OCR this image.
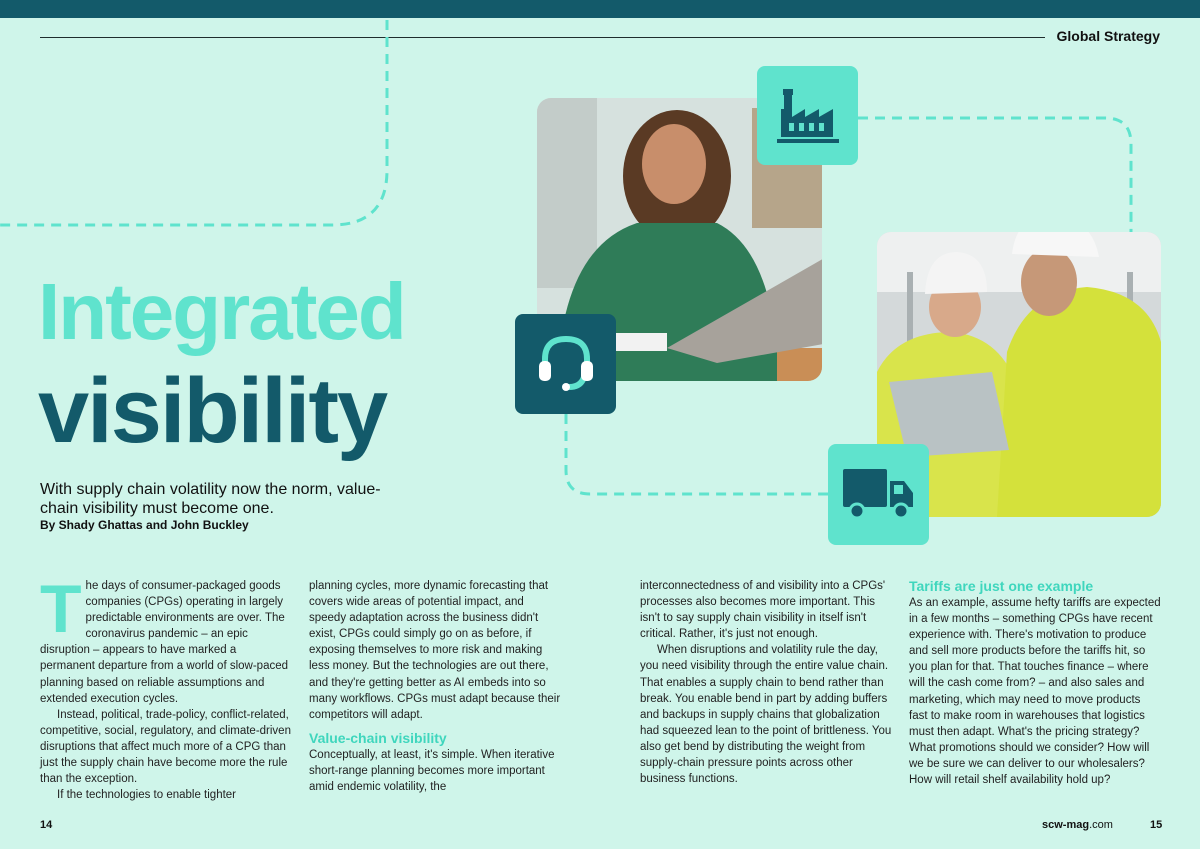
Global Strategy
Integrated
visibility
With supply chain volatility now the norm, value-chain visibility must become one.
By Shady Ghattas and John Buckley
T he days of consumer-packaged goods companies (CPGs) operating in largely predictable environments are over. The coronavirus pandemic – an epic disruption – appears to have marked a permanent departure from a world of slow-paced planning based on reliable assumptions and extended execution cycles.

Instead, political, trade-policy, conflict-related, competitive, social, regulatory, and climate-driven disruptions that affect much more of a CPG than just the supply chain have become more the rule than the exception.

If the technologies to enable tighter

planning cycles, more dynamic forecasting that covers wide areas of potential impact, and speedy adaptation across the business didn't exist, CPGs could simply go on as before, if exposing themselves to more risk and making less money. But the technologies are out there, and they're getting better as AI embeds into so many workflows. CPGs must adapt because their competitors will adapt.

Value-chain visibility

Conceptually, at least, it's simple. When iterative short-range planning becomes more important amid endemic volatility, the

interconnectedness of and visibility into a CPGs' processes also becomes more important. This isn't to say supply chain visibility in itself isn't critical. Rather, it's just not enough.

When disruptions and volatility rule the day, you need visibility through the entire value chain. That enables a supply chain to bend rather than break. You enable bend in part by adding buffers and backups in supply chains that globalization had squeezed lean to the point of brittleness. You also get bend by distributing the weight from supply-chain pressure points across other business functions.

Tariffs are just one example

As an example, assume hefty tariffs are expected in a few months – something CPGs have recent experience with. There's motivation to produce and sell more products before the tariffs hit, so you plan for that. That touches finance – where will the cash come from? – and also sales and marketing, which may need to move products fast to make room in warehouses that logistics must then adapt. What's the pricing strategy? What promotions should we consider? How will we be sure we can deliver to our wholesalers? How will retail shelf availability hold up?

14	scw-mag.com	15
